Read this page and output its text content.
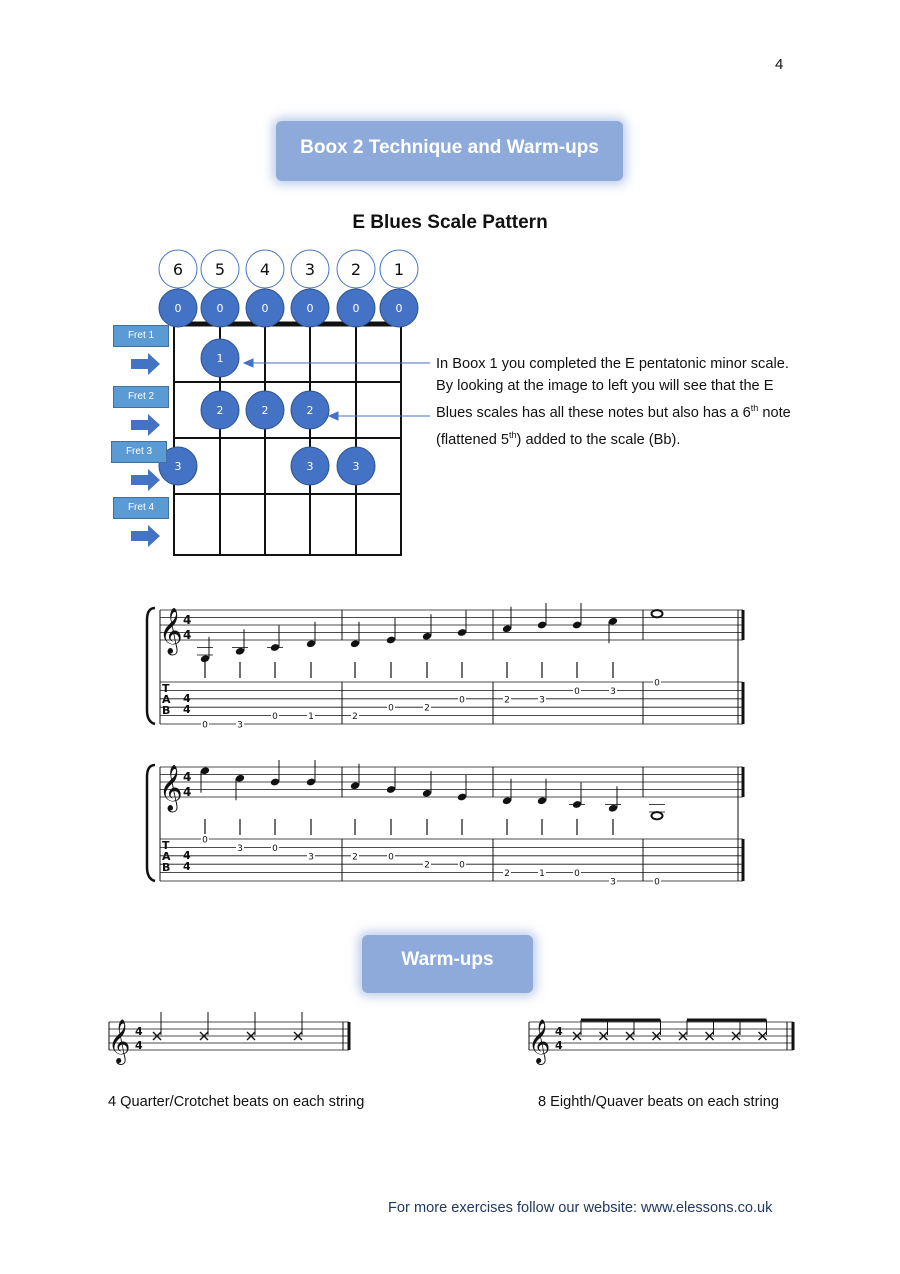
4
Boox 2 Technique and Warm-ups
E Blues Scale Pattern
6 5 4 3 2 1
0	0	0	0	0	0
1
2	2	2
3	3	3
Fret 1
Fret 2
Fret 3
Fret 4
In Boox 1 you completed the E pentatonic minor scale. By looking at the image to left you will see that the E Blues scales has all these notes but also has a 6th note (flattened 5th) added to the scale (Bb).
𝄞 4
4
T
A
B
4
4
0	3
0	1	2
0	2
0	2	3
0	3
0
𝄞 4
4
T
A
B
4
4
0
3	0
3	2	0
2	0
2	1	0
3	0
Warm-ups
𝄞 4
4	𝄞 4
4
4 Quarter/Crotchet beats on each string	8 Eighth/Quaver beats on each string
For more exercises follow our website: www.elessons.co.uk
